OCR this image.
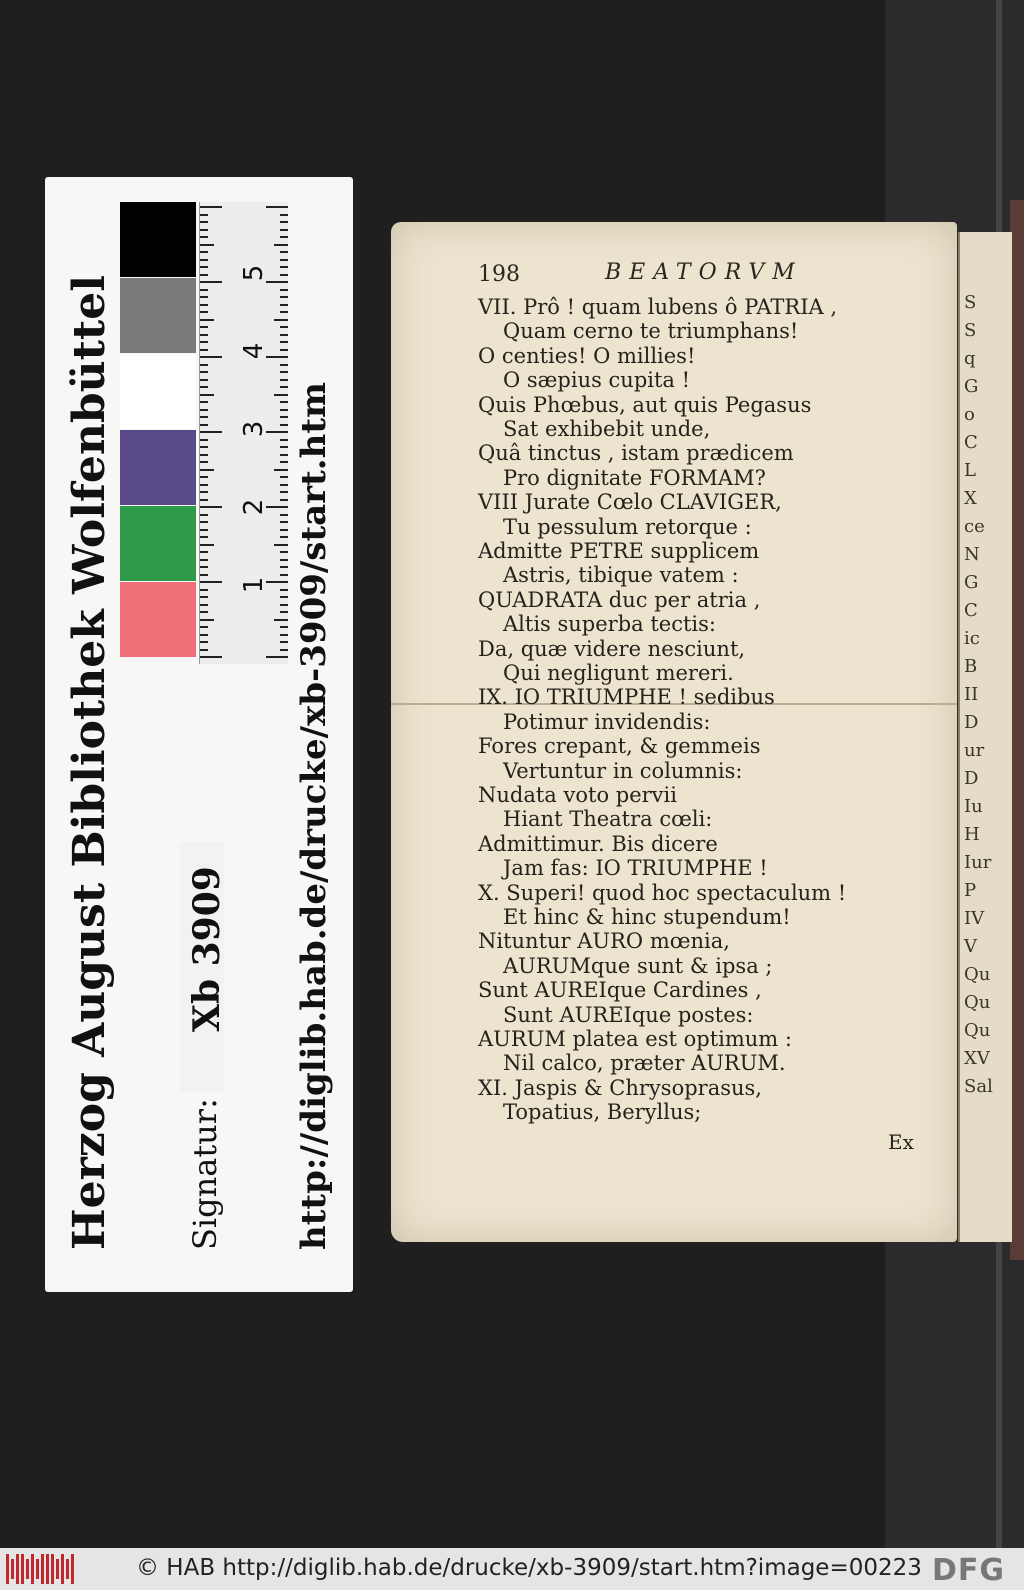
1
2
3
4
5
Herzog August Bibliothek Wolfenbüttel Signatur:
Xb 3909 http://diglib.hab.de/drucke/xb-3909/start.htm
S
S
q
G
o
C
L
X
ce
N
G
C
ic
B
II
D
ur
D
Iu
H
Iur
P
IV
V
Qu
Qu
Qu
XV
Sal
198	BEATORVM
VII. Prô ! quam lubens ô PATRIA ,
Quam cerno te triumphans!
O centies! O millies!
O sæpius cupita !
Quis Phœbus, aut quis Pegasus
Sat exhibebit unde,
Quâ tinctus , istam prædicem
Pro dignitate FORMAM?
VIII Jurate Cœlo CLAVIGER,
Tu pessulum retorque :
Admitte PETRE supplicem
Astris, tibique vatem :
QUADRATA duc per atria ,
Altis superba tectis:
Da, quæ videre nesciunt,
Qui negligunt mereri.
IX. IO TRIUMPHE ! sedibus
Potimur invidendis:
Fores crepant, & gemmeis
Vertuntur in columnis:
Nudata voto pervii
Hiant Theatra cœli:
Admittimur. Bis dicere
Jam fas: IO TRIUMPHE !
X. Superi! quod hoc spectaculum !
Et hinc & hinc stupendum!
Nituntur AURO mœnia,
AURUMque sunt & ipsa ;
Sunt AUREIque Cardines ,
Sunt AUREIque postes:
AURUM platea est optimum :
Nil calco, præter AURUM.
XI. Jaspis & Chrysoprasus,
Topatius, Beryllus;
Ex
© HAB http://diglib.hab.de/drucke/xb-3909/start.htm?image=00223 DFG
